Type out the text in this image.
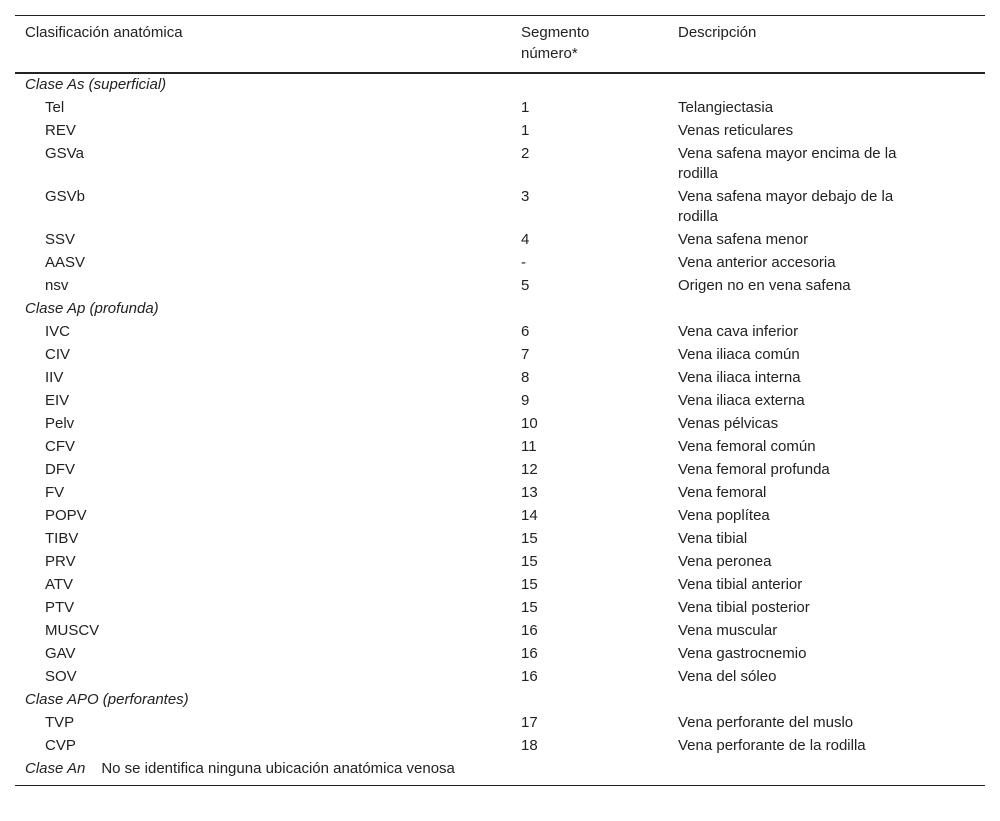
Clasificación anatómica	Segmento número*	Descripción
Clase As (superficial)		
Tel	1	Telangiectasia
REV	1	Venas reticulares
GSVa	2	Vena safena mayor encima de la rodilla
GSVb	3	Vena safena mayor debajo de la rodilla
SSV	4	Vena safena menor
AASV	-	Vena anterior accesoria
nsv	5	Origen no en vena safena
Clase Ap (profunda)		
IVC	6	Vena cava inferior
CIV	7	Vena iliaca común
IIV	8	Vena iliaca interna
EIV	9	Vena iliaca externa
Pelv	10	Venas pélvicas
CFV	11	Vena femoral común
DFV	12	Vena femoral profunda
FV	13	Vena femoral
POPV	14	Vena poplítea
TIBV	15	Vena tibial
PRV	15	Vena peronea
ATV	15	Vena tibial anterior
PTV	15	Vena tibial posterior
MUSCV	16	Vena muscular
GAV	16	Vena gastrocnemio
SOV	16	Vena del sóleo
Clase APO (perforantes)		
TVP	17	Vena perforante del muslo
CVP	18	Vena perforante de la rodilla
Clase An No se identifica ninguna ubicación anatómica venosa		
